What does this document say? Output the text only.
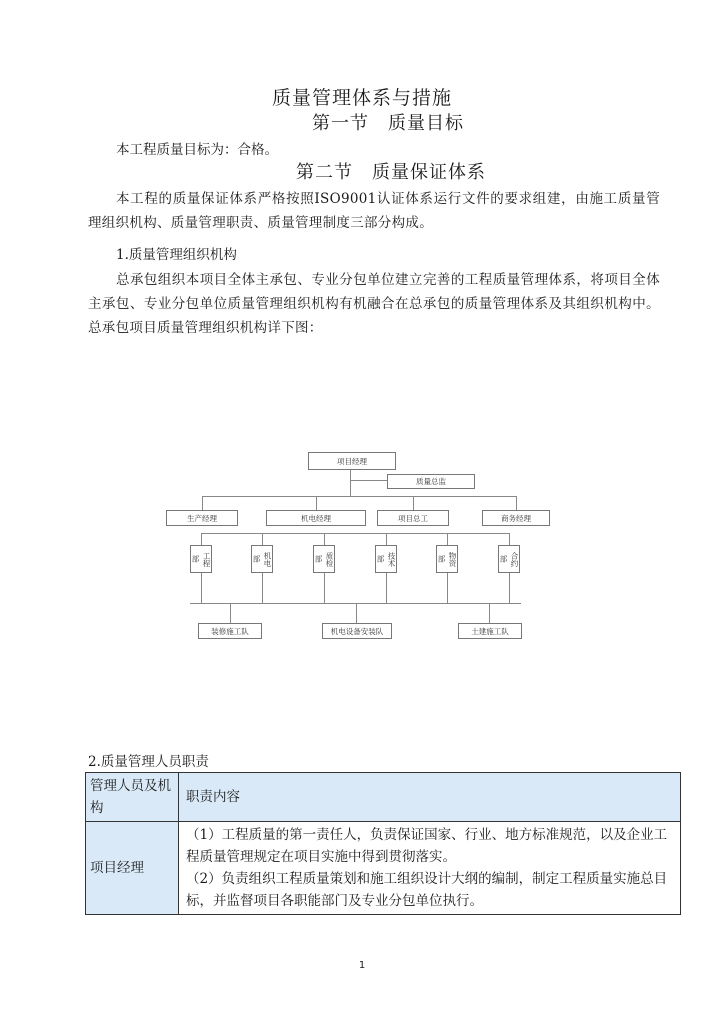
质量管理体系与措施
第一节　质量目标
本工程质量目标为：合格。
第二节　质量保证体系
本工程的质量保证体系严格按照ISO9001认证体系运行文件的要求组建，由施工质量管理组织机构、质量管理职责、质量管理制度三部分构成。
1.质量管理组织机构
总承包组织本项目全体主承包、专业分包单位建立完善的工程质量管理体系，将项目全体主承包、专业分包单位质量管理组织机构有机融合在总承包的质量管理体系及其组织机构中。总承包项目质量管理组织机构详下图：
项目经理
质量总监
生产经理	机电经理	项目总工	商务经理
工程部	机电部	质检部	技术部	物资部	合约部
装修施工队	机电设备安装队	土建施工队
2.质量管理人员职责
管理人员及机构	职责内容
项目经理	（1）工程质量的第一责任人，负责保证国家、行业、地方标准规范，以及企业工程质量管理规定在项目实施中得到贯彻落实。
（2）负责组织工程质量策划和施工组织设计大纲的编制，制定工程质量实施总目标，并监督项目各职能部门及专业分包单位执行。
1
